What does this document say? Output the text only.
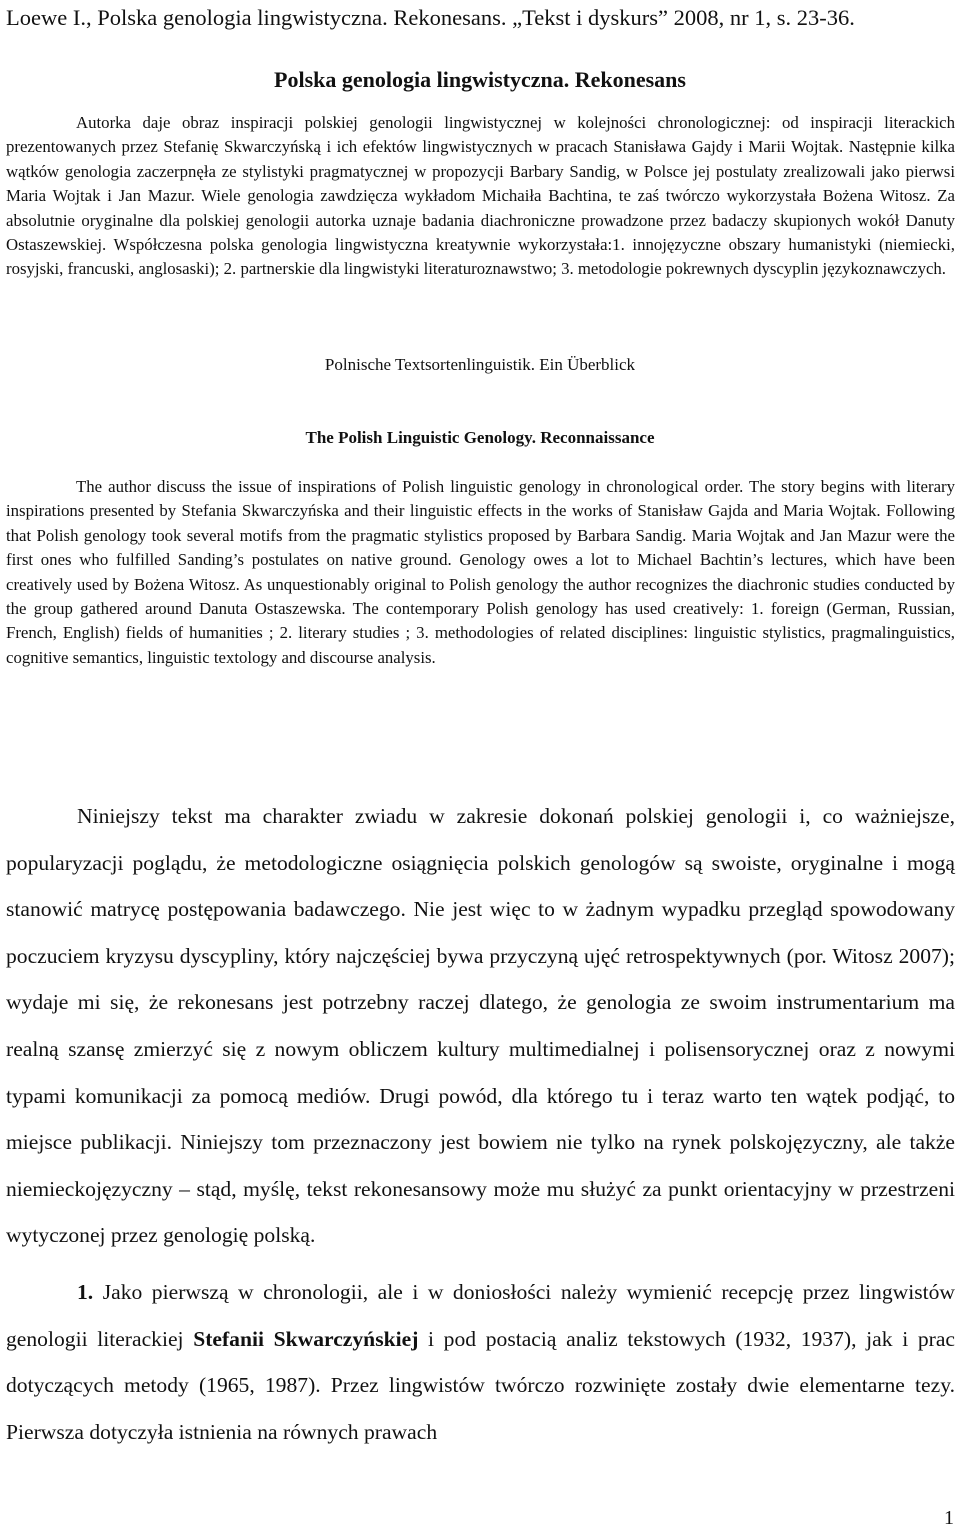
Loewe I., Polska genologia lingwistyczna. Rekonesans. „Tekst i dyskurs” 2008, nr 1, s. 23-36.
Polska genologia lingwistyczna. Rekonesans

Autorka daje obraz inspiracji polskiej genologii lingwistycznej w kolejności chronologicznej: od inspiracji literackich prezentowanych przez Stefanię Skwarczyńską i ich efektów lingwistycznych w pracach Stanisława Gajdy i Marii Wojtak. Następnie kilka wątków genologia zaczerpnęła ze stylistyki pragmatycznej w propozycji Barbary Sandig, w Polsce jej postulaty zrealizowali jako pierwsi Maria Wojtak i Jan Mazur. Wiele genologia zawdzięcza wykładom Michaiła Bachtina, te zaś twórczo wykorzystała Bożena Witosz. Za absolutnie oryginalne dla polskiej genologii autorka uznaje badania diachroniczne prowadzone przez badaczy skupionych wokół Danuty Ostaszewskiej. Współczesna polska genologia lingwistyczna kreatywnie wykorzystała:1. innojęzyczne obszary humanistyki (niemiecki, rosyjski, francuski, anglosaski); 2. partnerskie dla lingwistyki literaturoznawstwo; 3. metodologie pokrewnych dyscyplin językoznawczych.

Polnische Textsortenlinguistik. Ein Überblick
The Polish Linguistic Genology. Reconnaissance

The author discuss the issue of inspirations of Polish linguistic genology in chronological order. The story begins with literary inspirations presented by Stefania Skwarczyńska and their linguistic effects in the works of Stanisław Gajda and Maria Wojtak. Following that Polish genology took several motifs from the pragmatic stylistics proposed by Barbara Sandig. Maria Wojtak and Jan Mazur were the first ones who fulfilled Sanding’s postulates on native ground. Genology owes a lot to Michael Bachtin’s lectures, which have been creatively used by Bożena Witosz. As unquestionably original to Polish genology the author recognizes the diachronic studies conducted by the group gathered around Danuta Ostaszewska. The contemporary Polish genology has used creatively: 1. foreign (German, Russian, French, English) fields of humanities ; 2. literary studies ; 3. methodologies of related disciplines: linguistic stylistics, pragmalinguistics, cognitive semantics, linguistic textology and discourse analysis.

Niniejszy tekst ma charakter zwiadu w zakresie dokonań polskiej genologii i, co ważniejsze, popularyzacji poglądu, że metodologiczne osiągnięcia polskich genologów są swoiste, oryginalne i mogą stanowić matrycę postępowania badawczego. Nie jest więc to w żadnym wypadku przegląd spowodowany poczuciem kryzysu dyscypliny, który najczęściej bywa przyczyną ujęć retrospektywnych (por. Witosz 2007); wydaje mi się, że rekonesans jest potrzebny raczej dlatego, że genologia ze swoim instrumentarium ma realną szansę zmierzyć się z nowym obliczem kultury multimedialnej i polisensorycznej oraz z nowymi typami komunikacji za pomocą mediów. Drugi powód, dla którego tu i teraz warto ten wątek podjąć, to miejsce publikacji. Niniejszy tom przeznaczony jest bowiem nie tylko na rynek polskojęzyczny, ale także niemieckojęzyczny – stąd, myślę, tekst rekonesansowy może mu służyć za punkt orientacyjny w przestrzeni wytyczonej przez genologię polską.

1. Jako pierwszą w chronologii, ale i w doniosłości należy wymienić recepcję przez lingwistów genologii literackiej Stefanii Skwarczyńskiej i pod postacią analiz tekstowych (1932, 1937), jak i prac dotyczących metody (1965, 1987). Przez lingwistów twórczo rozwinięte zostały dwie elementarne tezy. Pierwsza dotyczyła istnienia na równych prawach

1
